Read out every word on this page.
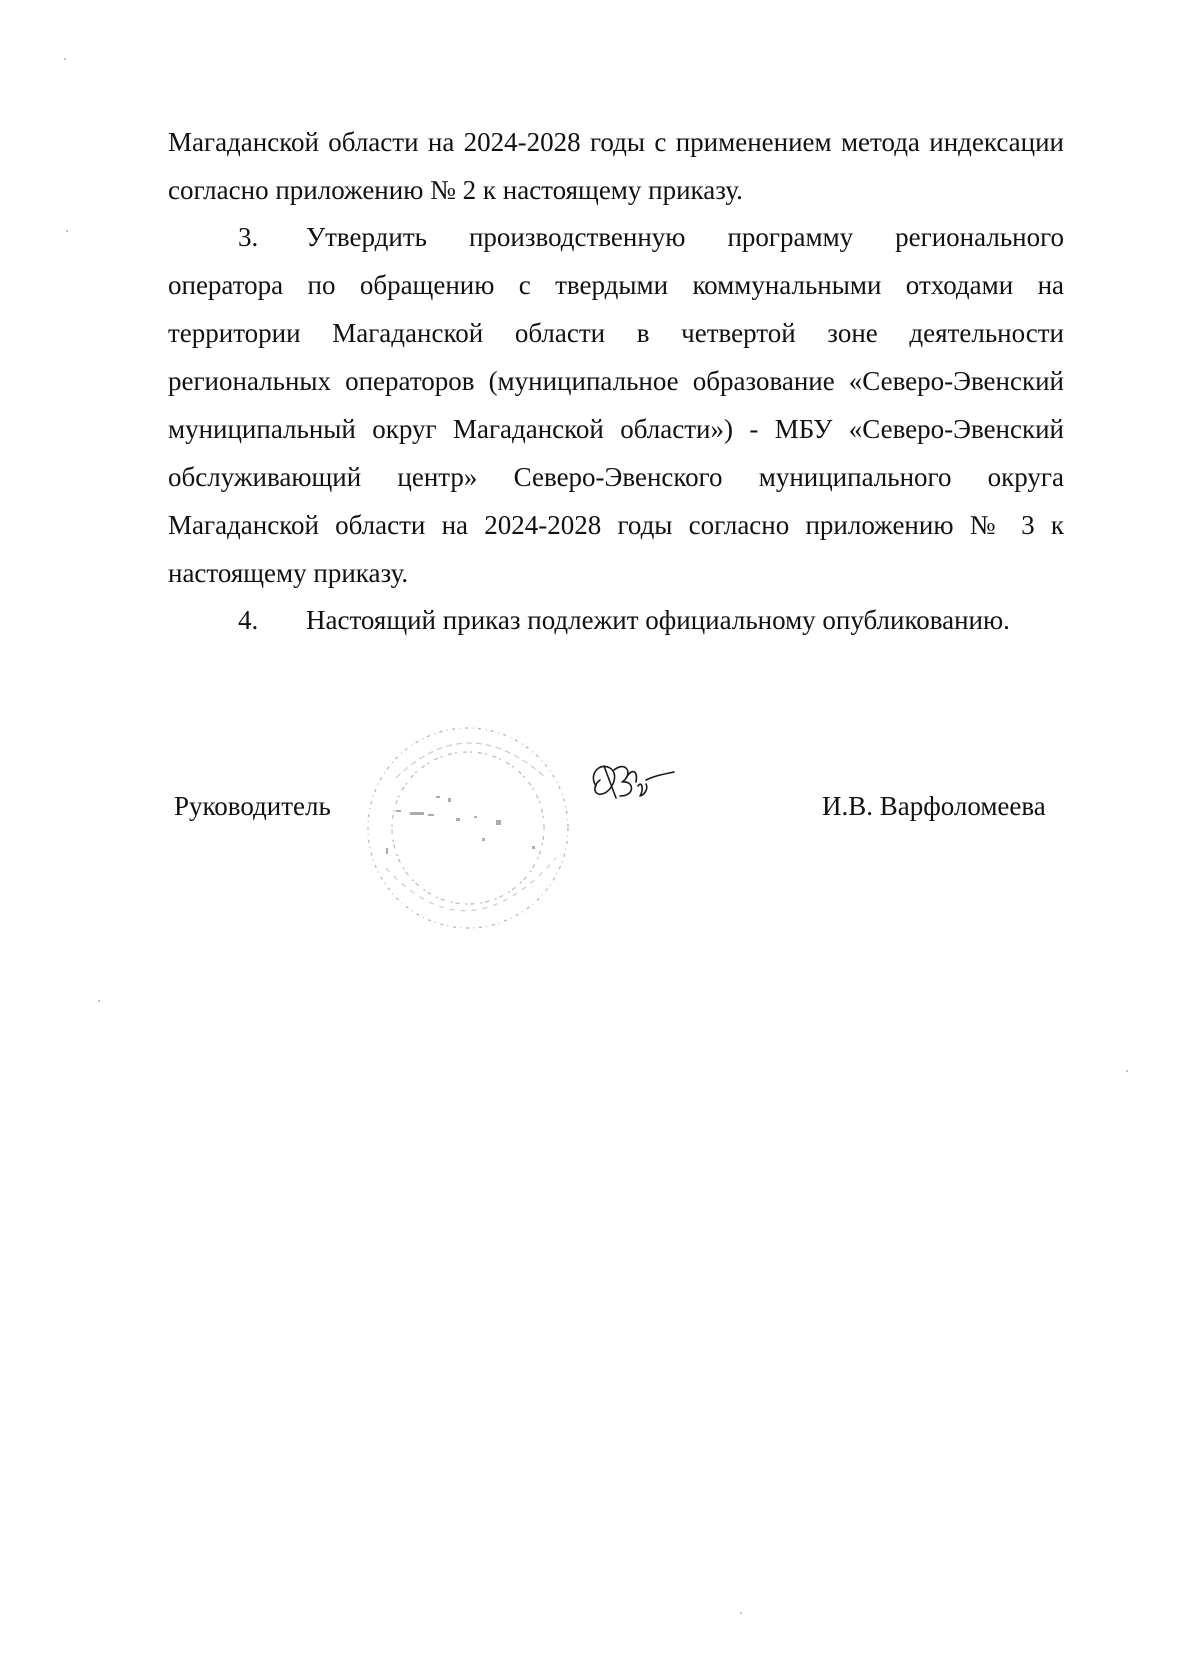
Магаданской области на 2024-2028 годы с применением метода индексации

согласно приложению № 2 к настоящему приказу.

3. Утвердить производственную программу регионального оператора по обращению с твердыми коммунальными отходами на территории Магаданской области в четвертой зоне деятельности региональных операторов (муниципальное образование «Северо-Эвенский муниципальный округ Магаданской области») - МБУ «Северо-Эвенский обслуживающий центр» Северо-Эвенского муниципального округа Магаданской области на 2024-2028 годы согласно приложению № 3 к настоящему приказу.

4. Настоящий приказ подлежит официальному опубликованию.

Руководитель	И.В. Варфоломеева
